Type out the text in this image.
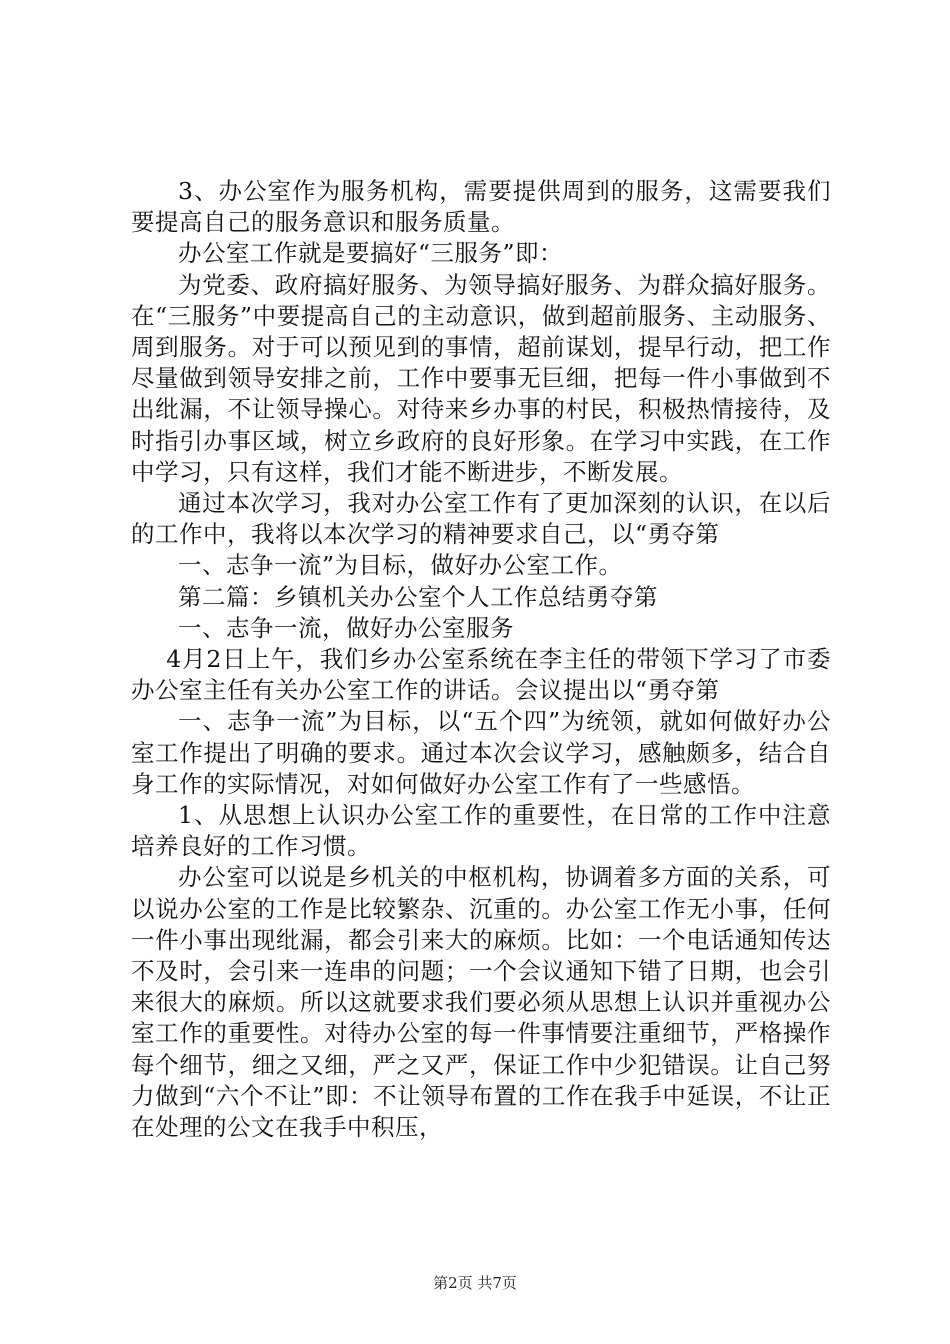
3、办公室作为服务机构，需要提供周到的服务，这需要我们要提高自己的服务意识和服务质量。

办公室工作就是要搞好“三服务”即：

为党委、政府搞好服务、为领导搞好服务、为群众搞好服务。在“三服务”中要提高自己的主动意识，做到超前服务、主动服务、周到服务。对于可以预见到的事情，超前谋划，提早行动，把工作尽量做到领导安排之前，工作中要事无巨细，把每一件小事做到不出纰漏，不让领导操心。对待来乡办事的村民，积极热情接待，及时指引办事区域，树立乡政府的良好形象。在学习中实践，在工作中学习，只有这样，我们才能不断进步，不断发展。

通过本次学习，我对办公室工作有了更加深刻的认识，在以后的工作中，我将以本次学习的精神要求自己，以“勇夺第

一、志争一流”为目标，做好办公室工作。

第二篇：乡镇机关办公室个人工作总结勇夺第

一、志争一流，做好办公室服务

4月2日上午，我们乡办公室系统在李主任的带领下学习了市委办公室主任有关办公室工作的讲话。会议提出以“勇夺第

一、志争一流”为目标，以“五个四”为统领，就如何做好办公室工作提出了明确的要求。通过本次会议学习，感触颇多，结合自身工作的实际情况，对如何做好办公室工作有了一些感悟。

1、从思想上认识办公室工作的重要性，在日常的工作中注意培养良好的工作习惯。

办公室可以说是乡机关的中枢机构，协调着多方面的关系，可以说办公室的工作是比较繁杂、沉重的。办公室工作无小事，任何一件小事出现纰漏，都会引来大的麻烦。比如：一个电话通知传达不及时，会引来一连串的问题；一个会议通知下错了日期，也会引来很大的麻烦。所以这就要求我们要必须从思想上认识并重视办公室工作的重要性。对待办公室的每一件事情要注重细节，严格操作每个细节，细之又细，严之又严，保证工作中少犯错误。让自己努力做到“六个不让”即：不让领导布置的工作在我手中延误，不让正在处理的公文在我手中积压，

第2页 共7页
